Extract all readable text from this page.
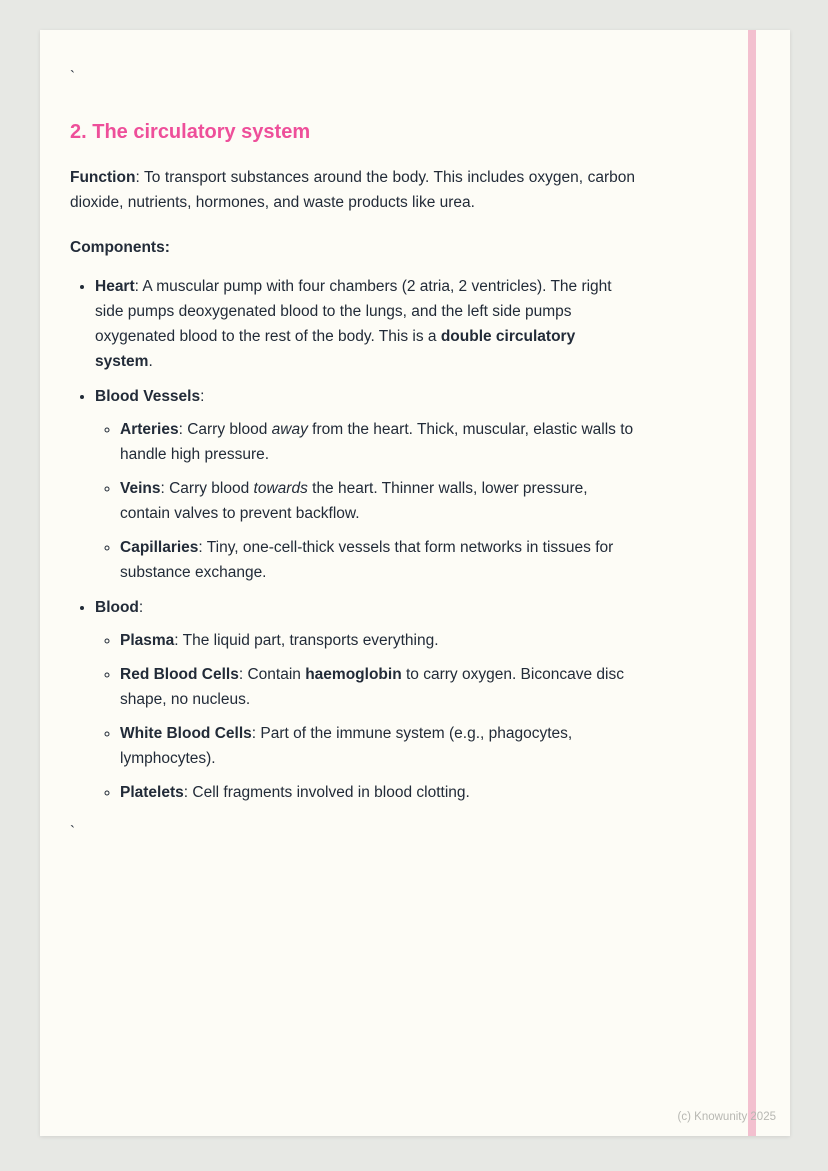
`
2. The circulatory system

Function: To transport substances around the body. This includes oxygen, carbon dioxide, nutrients, hormones, and waste products like urea.

Components:

• Heart: A muscular pump with four chambers (2 atria, 2 ventricles). The right side pumps deoxygenated blood to the lungs, and the left side pumps oxygenated blood to the rest of the body. This is a double circulatory system.
• Blood Vessels:
◦ Arteries: Carry blood away from the heart. Thick, muscular, elastic walls to handle high pressure.
◦ Veins: Carry blood towards the heart. Thinner walls, lower pressure, contain valves to prevent backflow.
◦ Capillaries: Tiny, one-cell-thick vessels that form networks in tissues for substance exchange.
• Blood:
◦ Plasma: The liquid part, transports everything.
◦ Red Blood Cells: Contain haemoglobin to carry oxygen. Biconcave disc shape, no nucleus.
◦ White Blood Cells: Part of the immune system (e.g., phagocytes, lymphocytes).
◦ Platelets: Cell fragments involved in blood clotting.
`
(c) Knowunity 2025
